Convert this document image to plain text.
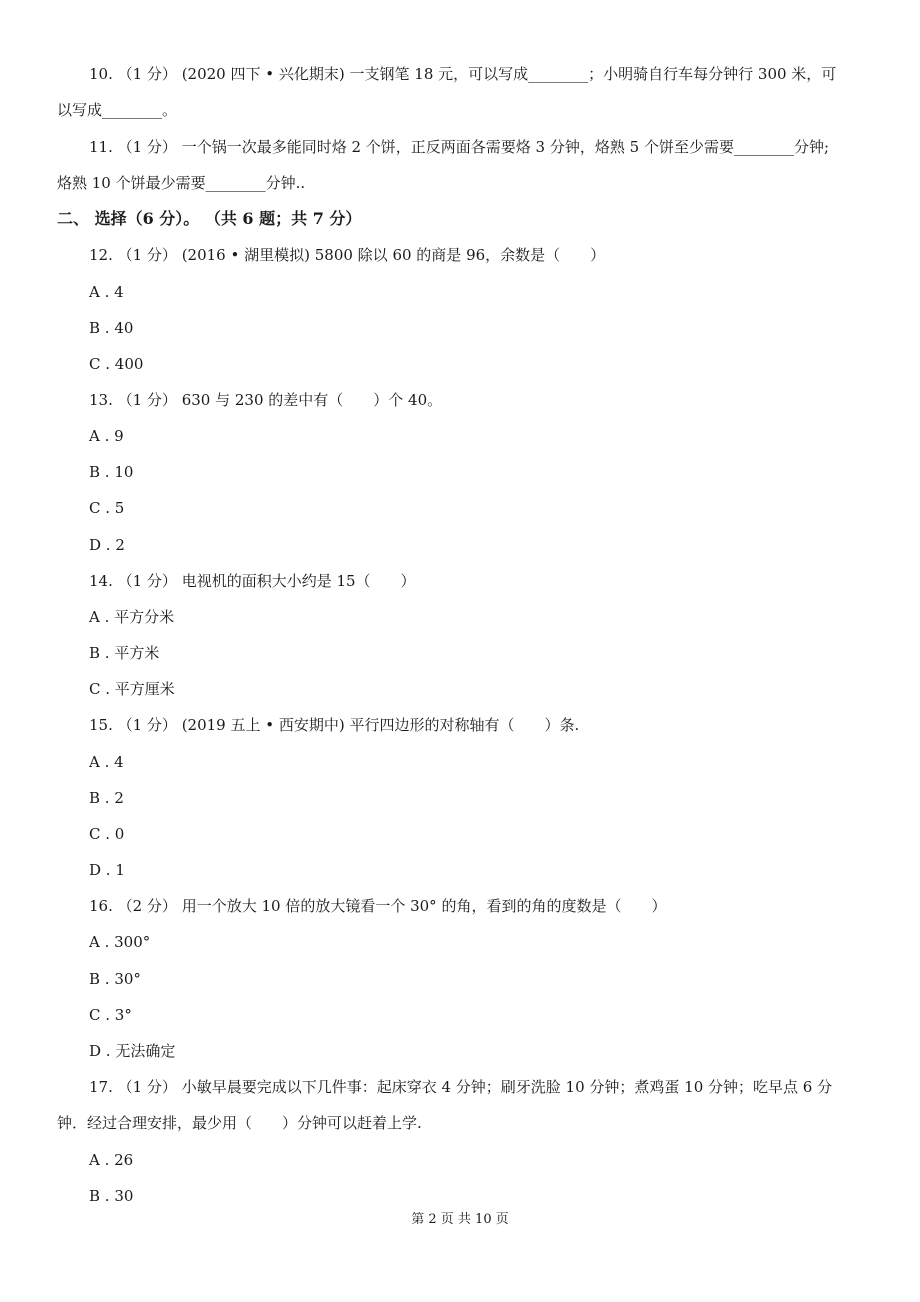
10. （1 分） (2020 四下 • 兴化期末) 一支钢笔 18 元，可以写成________；小明骑自行车每分钟行 300 米，可
以写成________。
11. （1 分） 一个锅一次最多能同时烙 2 个饼，正反两面各需要烙 3 分钟，烙熟 5 个饼至少需要________分钟;
烙熟 10 个饼最少需要________分钟..
二、 选择（6 分）。 （共 6 题；共 7 分）
12. （1 分） (2016 • 湖里模拟) 5800 除以 60 的商是 96，余数是（　　）
A . 4
B . 40
C . 400
13. （1 分） 630 与 230 的差中有（　　）个 40。
A . 9
B . 10
C . 5
D . 2
14. （1 分） 电视机的面积大小约是 15（　　）
A . 平方分米
B . 平方米
C . 平方厘米
15. （1 分） (2019 五上 • 西安期中) 平行四边形的对称轴有（　　）条.
A . 4
B . 2
C . 0
D . 1
16. （2 分） 用一个放大 10 倍的放大镜看一个 30° 的角，看到的角的度数是（　　）
A . 300°
B . 30°
C . 3°
D . 无法确定
17. （1 分） 小敏早晨要完成以下几件事：起床穿衣 4 分钟；刷牙洗脸 10 分钟；煮鸡蛋 10 分钟；吃早点 6 分
钟．经过合理安排，最少用（　　）分钟可以赶着上学.
A . 26
B . 30
第 2 页 共 10 页
